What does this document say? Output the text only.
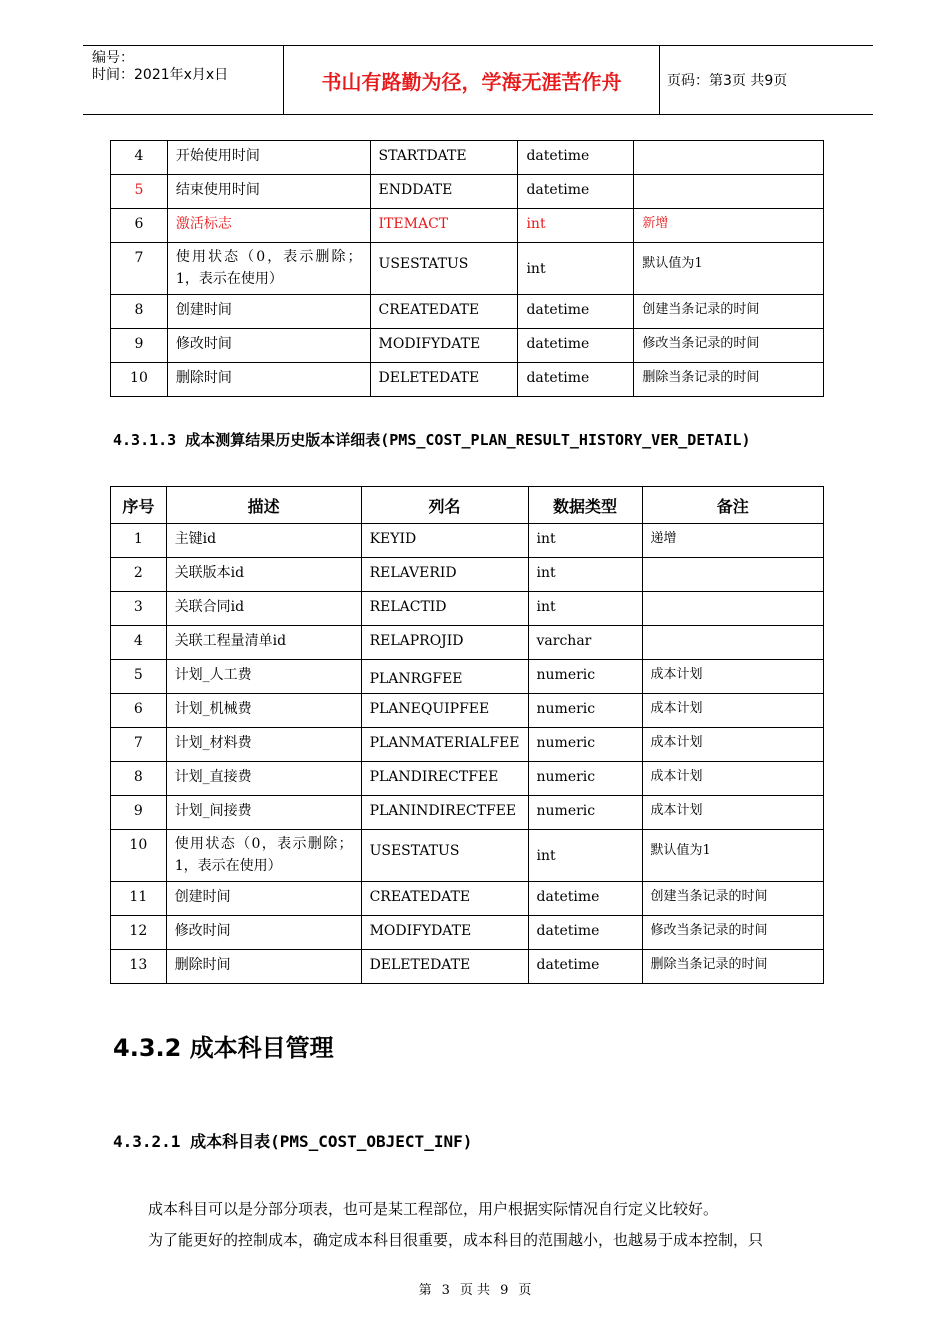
编号：
时间：2021年x月x日	书山有路勤为径，学海无涯苦作舟	页码：第3页 共9页
4	开始使用时间	STARTDATE	datetime	
5	结束使用时间	ENDDATE	datetime	
6	激活标志	ITEMACT	int	新增
7	使用状态（0，表示删除；1，表示在使用）	USESTATUS	int	默认值为1
8	创建时间	CREATEDATE	datetime	创建当条记录的时间
9	修改时间	MODIFYDATE	datetime	修改当条记录的时间
10	删除时间	DELETEDATE	datetime	删除当条记录的时间
4.3.1.3 成本测算结果历史版本详细表(PMS_COST_PLAN_RESULT_HISTORY_VER_DETAIL)
序号	描述	列名	数据类型	备注
1	主键id	KEYID	int	递增
2	关联版本id	RELAVERID	int	
3	关联合同id	RELACTID	int	
4	关联工程量清单id	RELAPROJID	varchar	
5	计划_人工费	PLANRGFEE	numeric	成本计划
6	计划_机械费	PLANEQUIPFEE	numeric	成本计划
7	计划_材料费	PLANMATERIALFEE	numeric	成本计划
8	计划_直接费	PLANDIRECTFEE	numeric	成本计划
9	计划_间接费	PLANINDIRECTFEE	numeric	成本计划
10	使用状态（0，表示删除；1，表示在使用）	USESTATUS	int	默认值为1
11	创建时间	CREATEDATE	datetime	创建当条记录的时间
12	修改时间	MODIFYDATE	datetime	修改当条记录的时间
13	删除时间	DELETEDATE	datetime	删除当条记录的时间
4.3.2 成本科目管理
4.3.2.1 成本科目表(PMS_COST_OBJECT_INF)
成本科目可以是分部分项表，也可是某工程部位，用户根据实际情况自行定义比较好。
为了能更好的控制成本，确定成本科目很重要，成本科目的范围越小，也越易于成本控制，只
第 3 页 共 9 页
